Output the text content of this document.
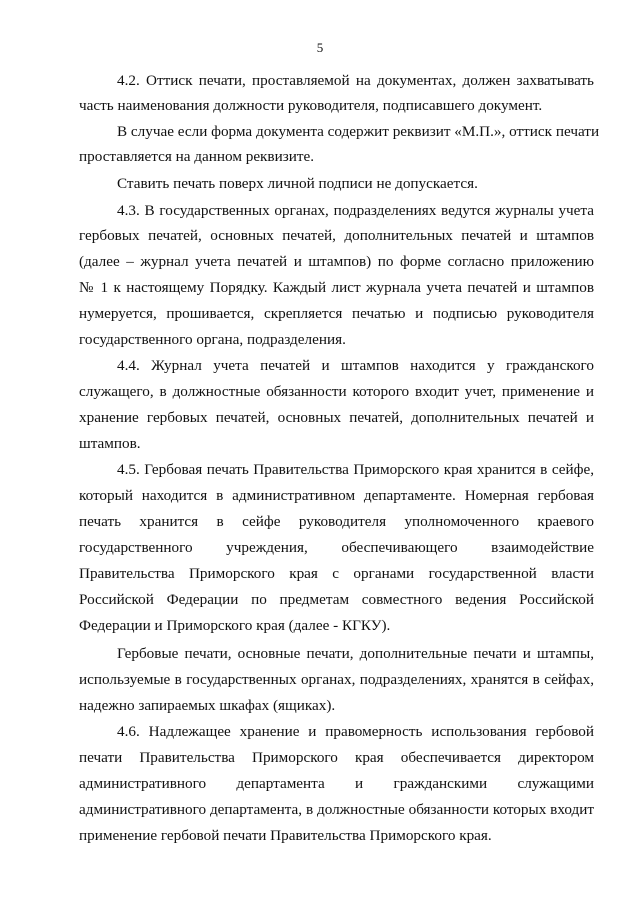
5
4.2. Оттиск печати, проставляемой на документах, должен захватывать
часть наименования должности руководителя, подписавшего документ.
В случае если форма документа содержит реквизит «М.П.», оттиск печати
проставляется на данном реквизите.
Ставить печать поверх личной подписи не допускается.
4.3. В государственных органах, подразделениях ведутся журналы учета
гербовых печатей, основных печатей, дополнительных печатей и штампов
(далее – журнал учета печатей и штампов) по форме согласно приложению
№ 1 к настоящему Порядку. Каждый лист журнала учета печатей и штампов
нумеруется, прошивается, скрепляется печатью и подписью руководителя
государственного органа, подразделения.
4.4. Журнал учета печатей и штампов находится у гражданского
служащего, в должностные обязанности которого входит учет, применение и
хранение гербовых печатей, основных печатей, дополнительных печатей и
штампов.
4.5. Гербовая печать Правительства Приморского края хранится в сейфе,
который находится в административном департаменте. Номерная гербовая
печать хранится в сейфе руководителя уполномоченного краевого
государственного учреждения, обеспечивающего взаимодействие
Правительства Приморского края с органами государственной власти
Российской Федерации по предметам совместного ведения Российской
Федерации и Приморского края (далее - КГКУ).
Гербовые печати, основные печати, дополнительные печати и штампы,
используемые в государственных органах, подразделениях, хранятся в сейфах,
надежно запираемых шкафах (ящиках).
4.6. Надлежащее хранение и правомерность использования гербовой
печати Правительства Приморского края обеспечивается директором
административного департамента и гражданскими служащими
административного департамента, в должностные обязанности которых входит
применение гербовой печати Правительства Приморского края.
